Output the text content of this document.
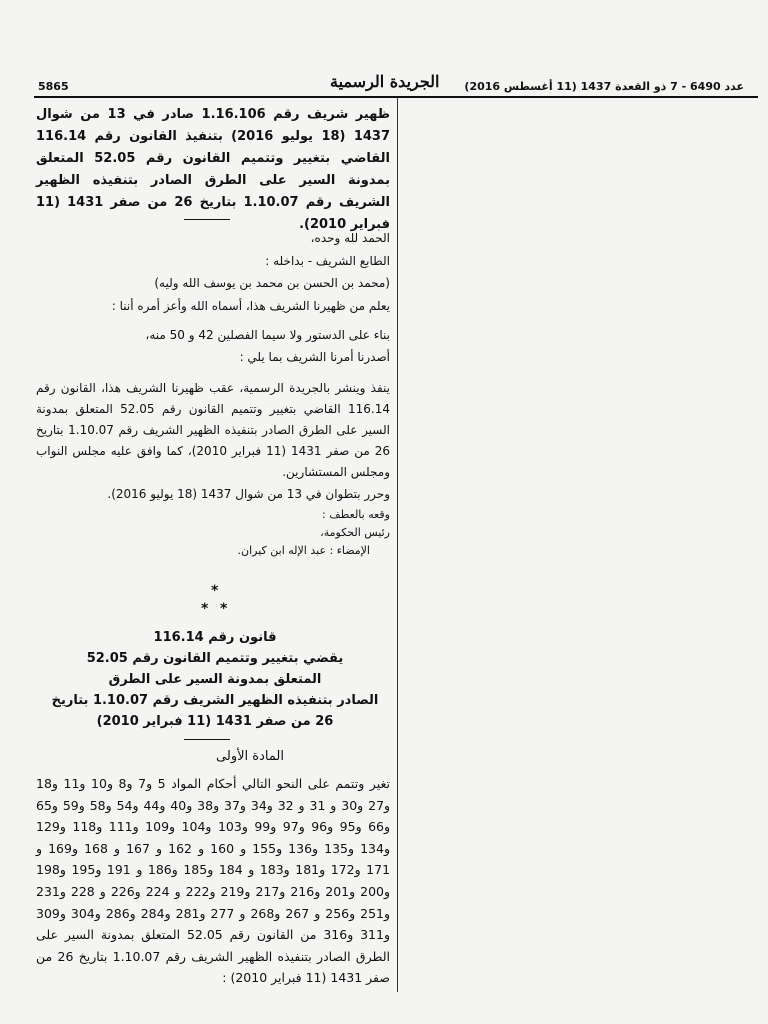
5865	الجريدة الرسمية عدد 6490 - 7 ذو القعدة 1437 (11 أغسطس 2016)
ظهير شريف رقم 1.16.106 صادر في 13 من شوال 1437 (18 يوليو 2016) بتنفيذ القانون رقم 116.14 القاضي بتغيير وتتميم القانون رقم 52.05 المتعلق بمدونة السير على الطرق الصادر بتنفيذه الظهير الشريف رقم 1.10.07 بتاريخ 26 من صفر 1431 (11 فبراير 2010).
الحمد لله وحده،
الطابع الشريف - بداخله :
(محمد بن الحسن بن محمد بن يوسف الله وليه)
يعلم من ظهيرنا الشريف هذا، أسماه الله وأعز أمره أننا :
بناء على الدستور ولا سيما الفصلين 42 و 50 منه،
أصدرنا أمرنا الشريف بما يلي :
ينفذ وينشر بالجريدة الرسمية، عقب ظهيرنا الشريف هذا، القانون رقم 116.14 القاضي بتغيير وتتميم القانون رقم 52.05 المتعلق بمدونة السير على الطرق الصادر بتنفيذه الظهير الشريف رقم 1.10.07 بتاريخ 26 من صفر 1431 (11 فبراير 2010)، كما وافق عليه مجلس النواب ومجلس المستشارين.
وحرر بتطوان في 13 من شوال 1437 (18 يوليو 2016).
وقعه بالعطف :
رئيس الحكومة،
الإمضاء : عبد الإله ابن كيران.
*
* *
قانون رقم 116.14
يقضي بتغيير وتتميم القانون رقم 52.05
المتعلق بمدونة السير على الطرق
الصادر بتنفيذه الظهير الشريف رقم 1.10.07 بتاريخ
26 من صفر 1431 (11 فبراير 2010)
المادة الأولى
تغير وتتمم على النحو التالي أحكام المواد 5 و7 و8 و10 و11 و18 و27 و30 و 31 و 32 و34 و37 و38 و40 و44 و54 و58 و59 و65 و66 و95 و96 و97 و99 و103 و104 و109 و111 و118 و129 و134 و135 و136 و155 و 160 و 162 و 167 و 168 و169 و 171 و172 و181 و183 و 184 و185 و186 و 191 و195 و198 و200 و201 و216 و217 و219 و222 و 224 و226 و 228 و231 و251 و256 و 267 و268 و 277 و281 و284 و286 و304 و309 و311 و316 من القانون رقم 52.05 المتعلق بمدونة السير على الطرق الصادر بتنفيذه الظهير الشريف رقم 1.10.07 بتاريخ 26 من صفر 1431 (11 فبراير 2010) :
